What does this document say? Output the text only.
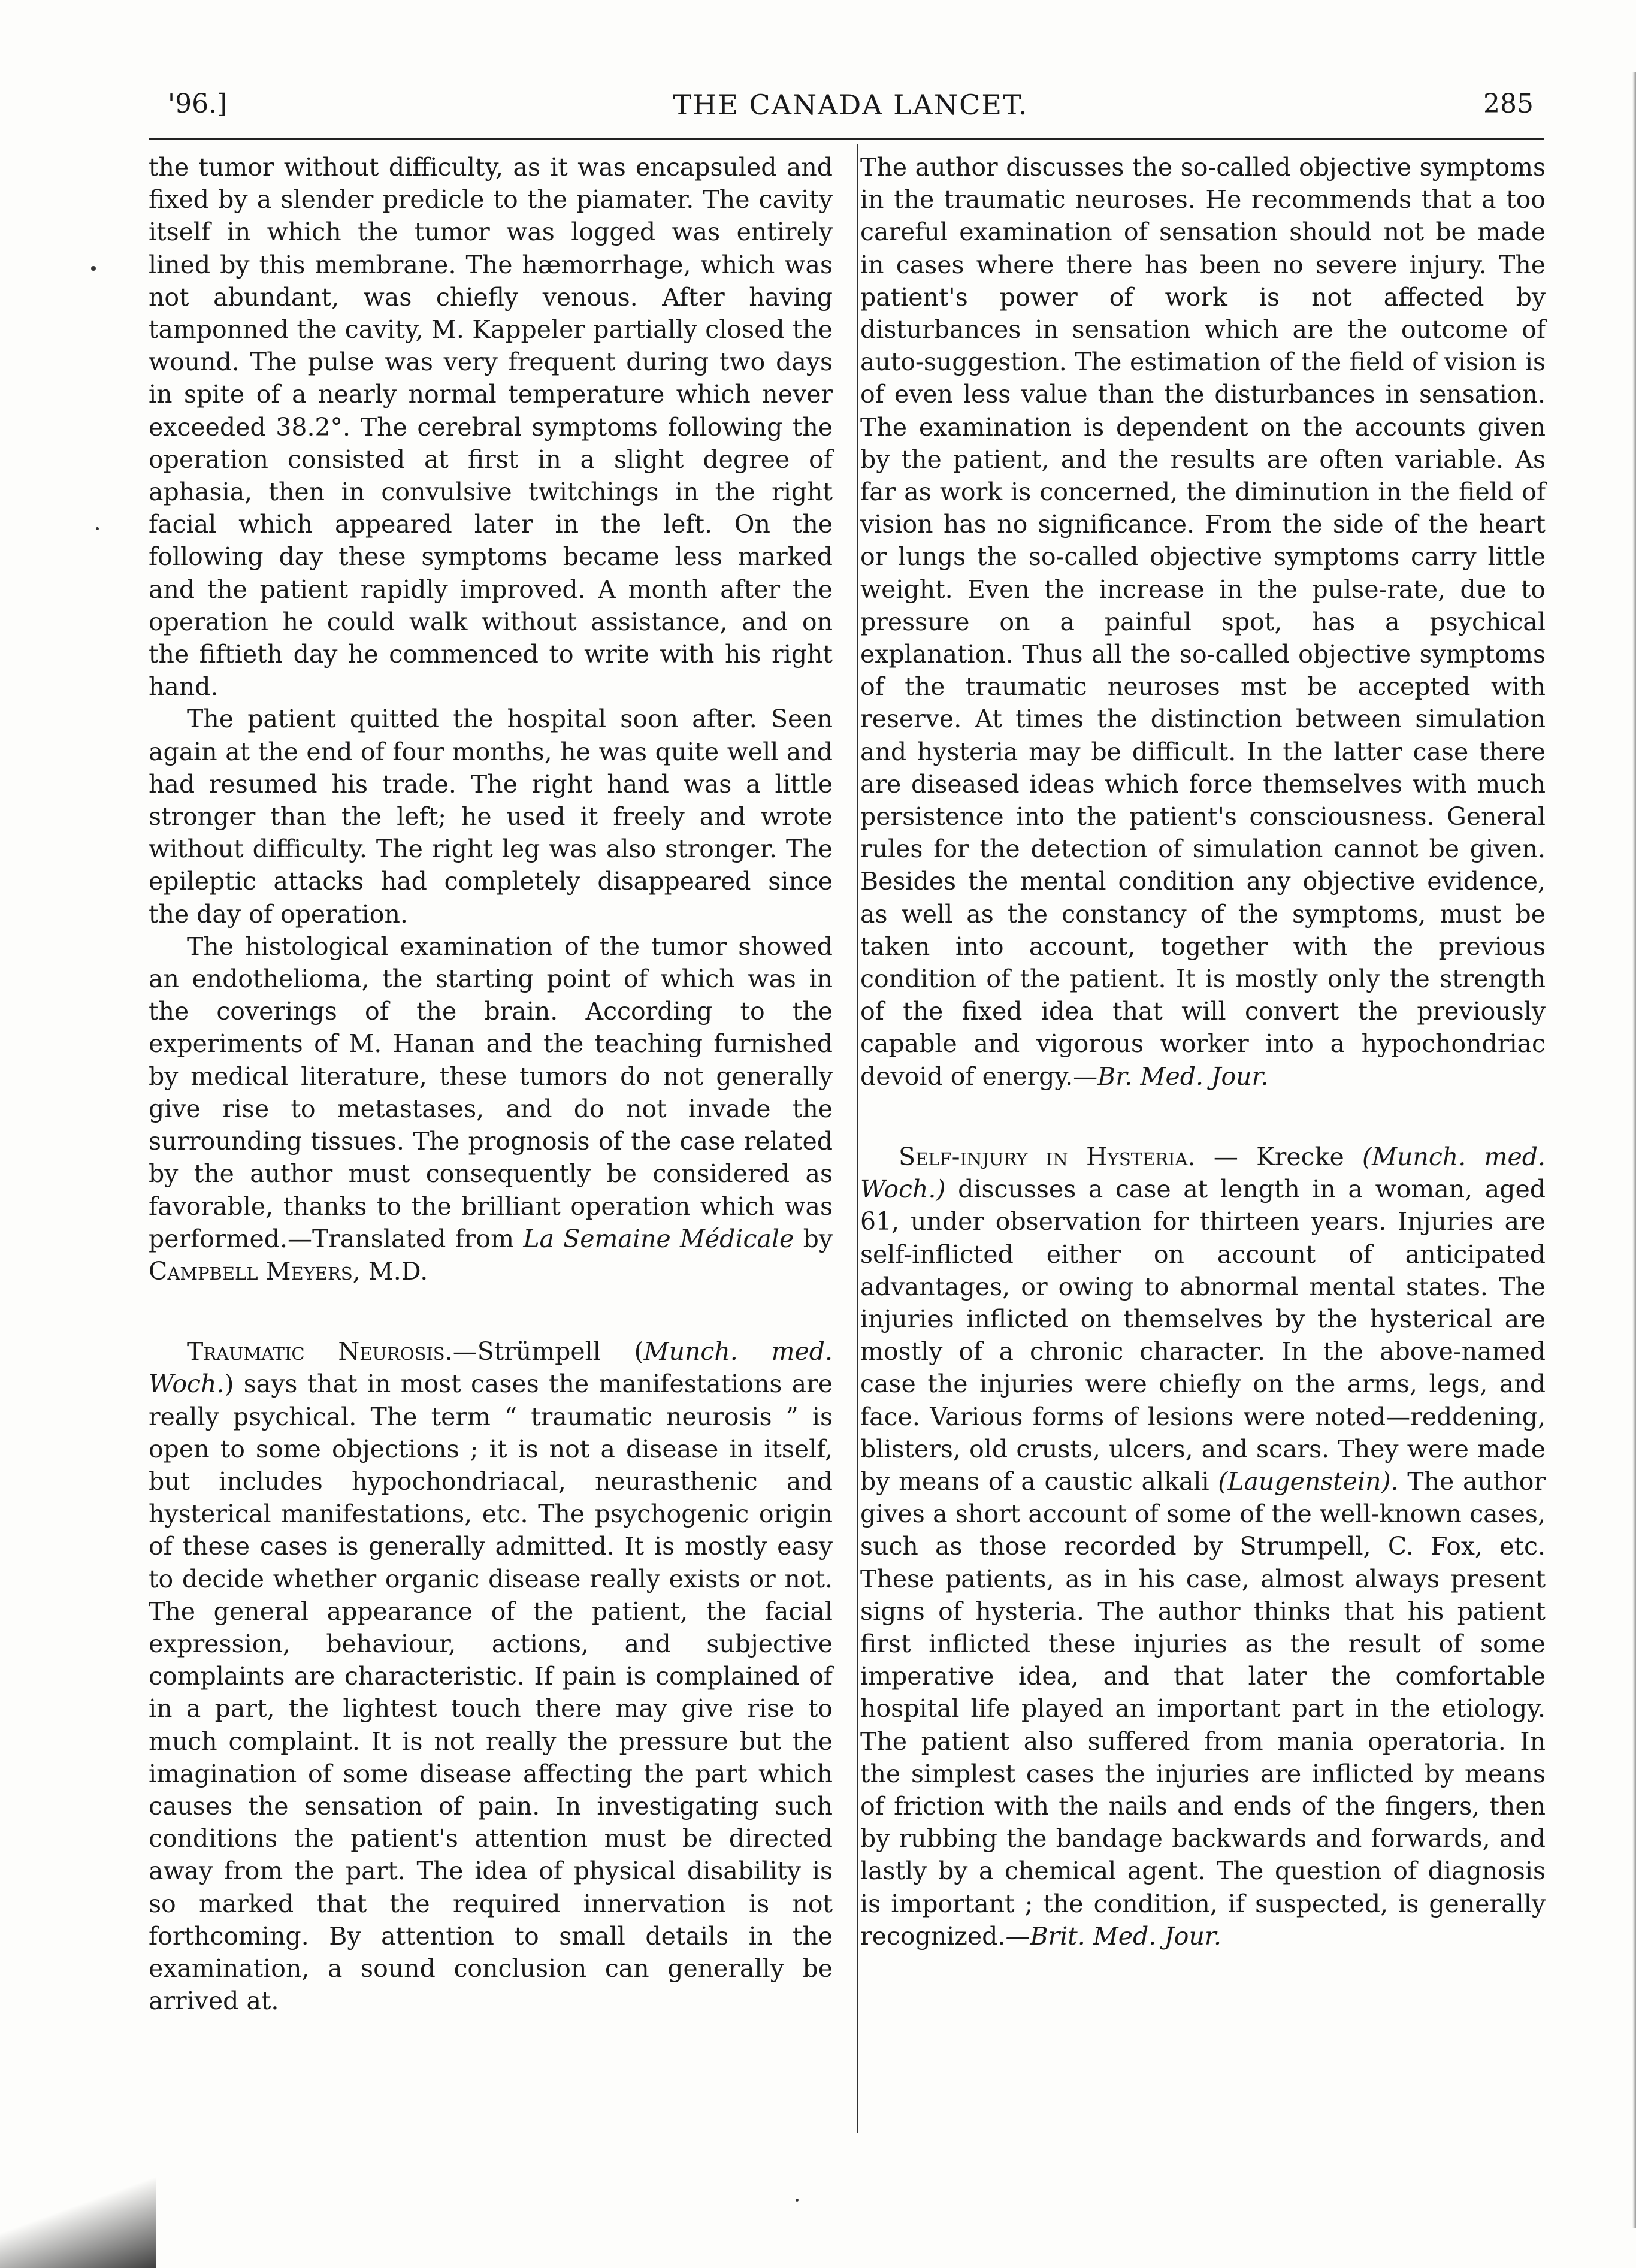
'96.]	THE CANADA LANCET.	285

the tumor without difficulty, as it was encapsuled and fixed by a slender predicle to the piamater. The cavity itself in which the tumor was logged was entirely lined by this membrane. The hæmorrhage, which was not abundant, was chiefly venous. After having tamponned the cavity, M. Kappeler partially closed the wound. The pulse was very frequent during two days in spite of a nearly normal temperature which never exceeded 38.2°. The cerebral symptoms following the operation consisted at first in a slight degree of aphasia, then in convulsive twitchings in the right facial which appeared later in the left. On the following day these symptoms became less marked and the patient rapidly improved. A month after the operation he could walk without assistance, and on the fiftieth day he commenced to write with his right hand.

The patient quitted the hospital soon after. Seen again at the end of four months, he was quite well and had resumed his trade. The right hand was a little stronger than the left; he used it freely and wrote without difficulty. The right leg was also stronger. The epileptic attacks had completely disappeared since the day of operation.

The histological examination of the tumor showed an endothelioma, the starting point of which was in the coverings of the brain. According to the experiments of M. Hanan and the teaching furnished by medical literature, these tumors do not generally give rise to metastases, and do not invade the surrounding tissues. The prognosis of the case related by the author must consequently be considered as favorable, thanks to the brilliant operation which was performed.—Translated from La Semaine Médicale by Campbell Meyers, M.D.

Traumatic Neurosis.—Strümpell (Munch. med. Woch.) says that in most cases the manifestations are really psychical. The term “ traumatic neurosis ” is open to some objections ; it is not a disease in itself, but includes hypochondriacal, neurasthenic and hysterical manifestations, etc. The psychogenic origin of these cases is generally admitted. It is mostly easy to decide whether organic disease really exists or not. The general appearance of the patient, the facial expression, behaviour, actions, and subjective complaints are characteristic. If pain is complained of in a part, the lightest touch there may give rise to much complaint. It is not really the pressure but the imagination of some disease affecting the part which causes the sensation of pain. In investigating such conditions the patient's attention must be directed away from the part. The idea of physical disability is so marked that the required innervation is not forthcoming. By attention to small details in the examination, a sound conclusion can generally be arrived at.

The author discusses the so-called objective symptoms in the traumatic neuroses. He recommends that a too careful examination of sensation should not be made in cases where there has been no severe injury. The patient's power of work is not affected by disturbances in sensation which are the outcome of auto-suggestion. The estimation of the field of vision is of even less value than the disturbances in sensation. The examination is dependent on the accounts given by the patient, and the results are often variable. As far as work is concerned, the diminution in the field of vision has no significance. From the side of the heart or lungs the so-called objective symptoms carry little weight. Even the increase in the pulse-rate, due to pressure on a painful spot, has a psychical explanation. Thus all the so-called objective symptoms of the traumatic neuroses mst be accepted with reserve. At times the distinction between simulation and hysteria may be difficult. In the latter case there are diseased ideas which force themselves with much persistence into the patient's consciousness. General rules for the detection of simulation cannot be given. Besides the mental condition any objective evidence, as well as the constancy of the symptoms, must be taken into account, together with the previous condition of the patient. It is mostly only the strength of the fixed idea that will convert the previously capable and vigorous worker into a hypochondriac devoid of energy.—Br. Med. Jour.

Self-injury in Hysteria. — Krecke (Munch. med. Woch.) discusses a case at length in a woman, aged 61, under observation for thirteen years. Injuries are self-inflicted either on account of anticipated advantages, or owing to abnormal mental states. The injuries inflicted on themselves by the hysterical are mostly of a chronic character. In the above-named case the injuries were chiefly on the arms, legs, and face. Various forms of lesions were noted—reddening, blisters, old crusts, ulcers, and scars. They were made by means of a caustic alkali (Laugenstein). The author gives a short account of some of the well-known cases, such as those recorded by Strumpell, C. Fox, etc. These patients, as in his case, almost always present signs of hysteria. The author thinks that his patient first inflicted these injuries as the result of some imperative idea, and that later the comfortable hospital life played an important part in the etiology. The patient also suffered from mania operatoria. In the simplest cases the injuries are inflicted by means of friction with the nails and ends of the fingers, then by rubbing the bandage backwards and forwards, and lastly by a chemical agent. The question of diagnosis is important ; the condition, if suspected, is generally recognized.—Brit. Med. Jour.
